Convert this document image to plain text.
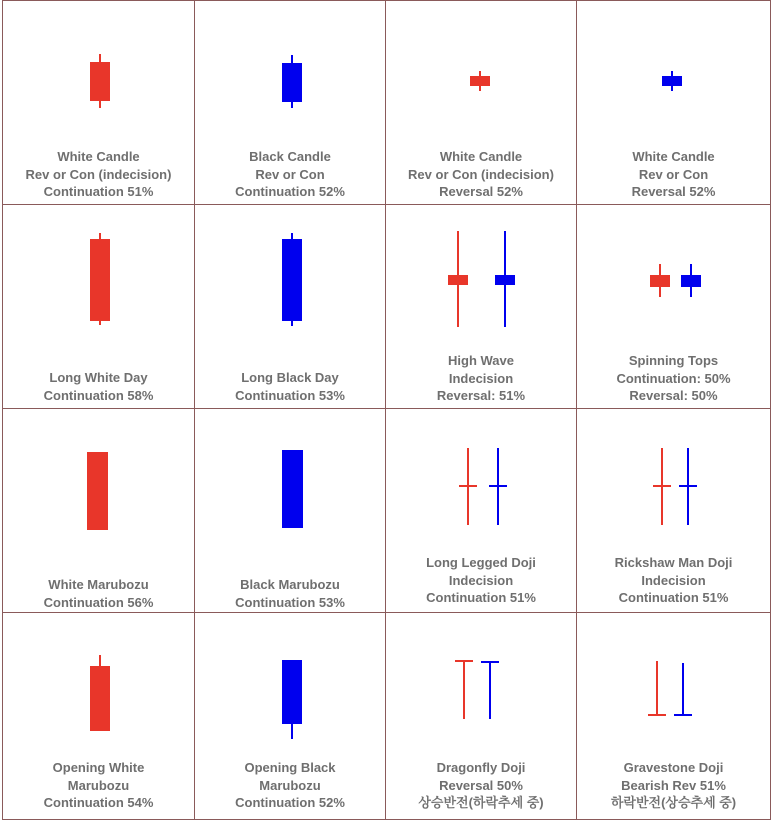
White Candle
Rev or Con (indecision)
Continuation 51%
Black Candle
Rev or Con
Continuation 52%
White Candle
Rev or Con (indecision)
Reversal 52%
White Candle
Rev or Con
Reversal 52%
Long White Day
Continuation 58%
Long Black Day
Continuation 53%
High Wave
Indecision
Reversal: 51%
Spinning Tops
Continuation: 50%
Reversal: 50%
White Marubozu
Continuation 56%
Black Marubozu
Continuation 53%
Long Legged Doji
Indecision
Continuation 51%
Rickshaw Man Doji
Indecision
Continuation 51%
Opening White
Marubozu
Continuation 54%
Opening Black
Marubozu
Continuation 52%
Dragonfly Doji
Reversal 50%
상승반전(하락추세 중)
Gravestone Doji
Bearish Rev 51%
하락반전(상승추세 중)
